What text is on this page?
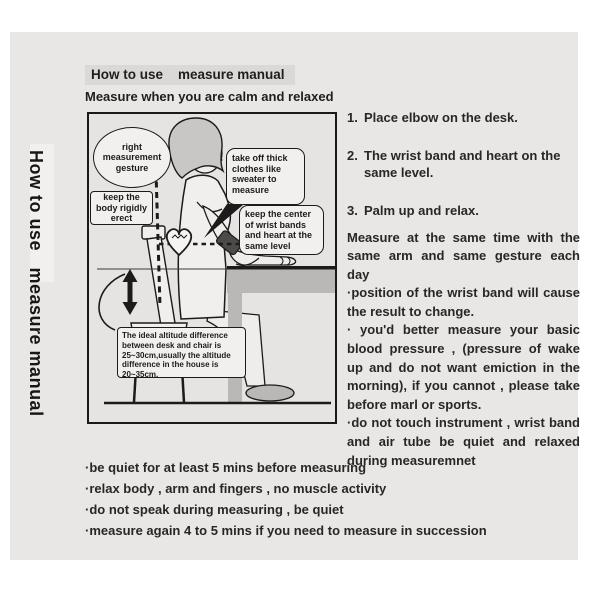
How to use   measure manual
How to use    measure manual
Measure when you are calm and relaxed
right measurement gesture
keep the body rigidly erect
take off thick clothes like sweater to measure
keep the center of wrist bands and heart at the same level
The ideal altitude difference between desk and chair is 25~30cm,usually the altitude difference in the house is 20~35cm.
1. Place elbow on the desk.
2. The wrist band and heart on the same level.
3. Palm up and relax.

Measure at the same time with the same arm and same gesture each day

·position of the wrist band will cause the result to change.

· you'd better measure your basic blood pressure , (pressure of wake up and do not want emiction in the morning), if you cannot , please take before marl or sports.

·do not touch instrument , wrist band and air tube be quiet and relaxed during measuremnet

·be quiet for at least 5 mins before measuring
·relax body , arm and fingers , no muscle activity
·do not speak during measuring , be quiet
·measure again 4 to 5 mins if you need to measure in succession
